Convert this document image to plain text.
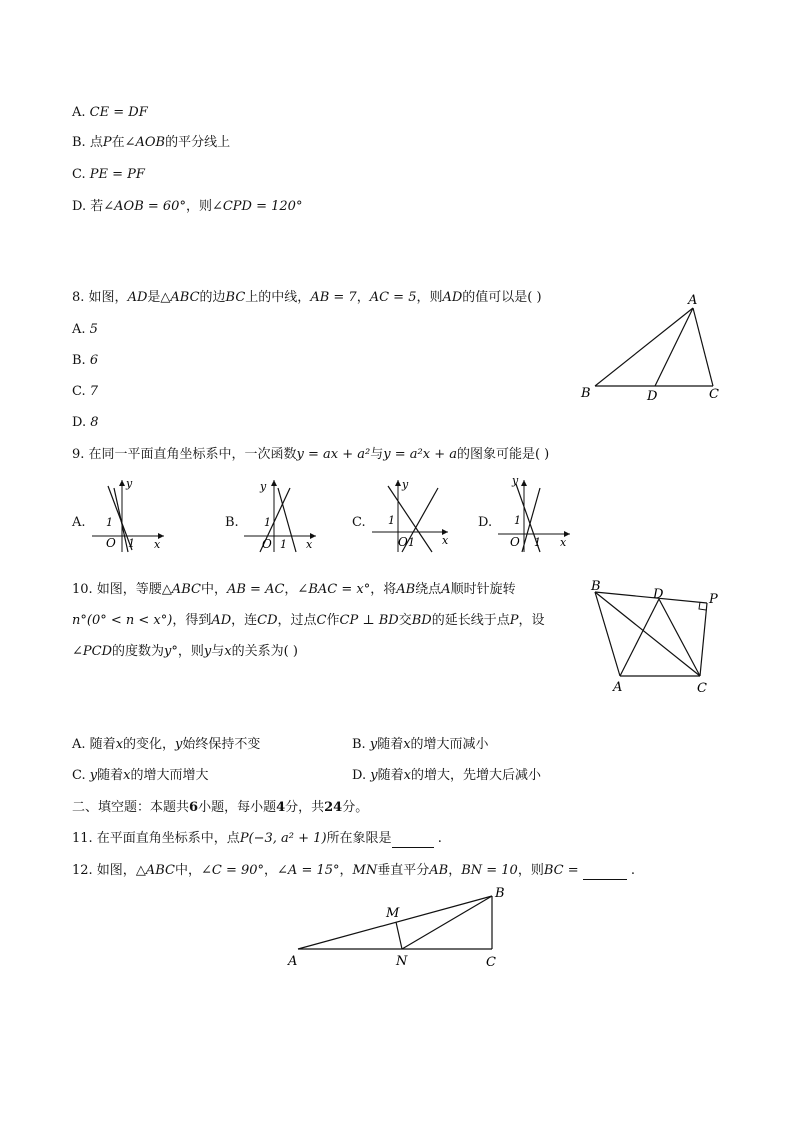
A. CE = DF
B. 点P在∠AOB的平分线上
C. PE = PF
D. 若∠AOB = 60°，则∠CPD = 120°
8. 如图，AD是△ABC的边BC上的中线，AB = 7，AC = 5，则AD的值可以是( )
A. 5
B. 6
C. 7
D. 8
A
B	D	C
9. 在同一平面直角坐标系中，一次函数y = ax + a²与y = a²x + a的图象可能是( )
A.
y
x
O
1
1
B.
y
x
O
1
1
C.
y
x
O
1
1
D.
y
x
O
1
1
10. 如图，等腰△ABC中，AB = AC，∠BAC = x°，将AB绕点A顺时针旋转
n°(0° < n < x°)，得到AD，连CD，过点C作CP ⊥ BD交BD的延长线于点P，设
∠PCD的度数为y°，则y与x的关系为( )
B
D	P
A	C
A. 随着x的变化，y始终保持不变	B. y随着x的增大而减小
C. y随着x的增大而增大	D. y随着x的增大，先增大后减小
二、填空题：本题共6小题，每小题4分，共24分。
11. 在平面直角坐标系中，点P(−3, a² + 1)所在象限是	.
12. 如图，△ABC中，∠C = 90°，∠A = 15°，MN垂直平分AB，BN = 10，则BC =	.
A
B
C
M
N
